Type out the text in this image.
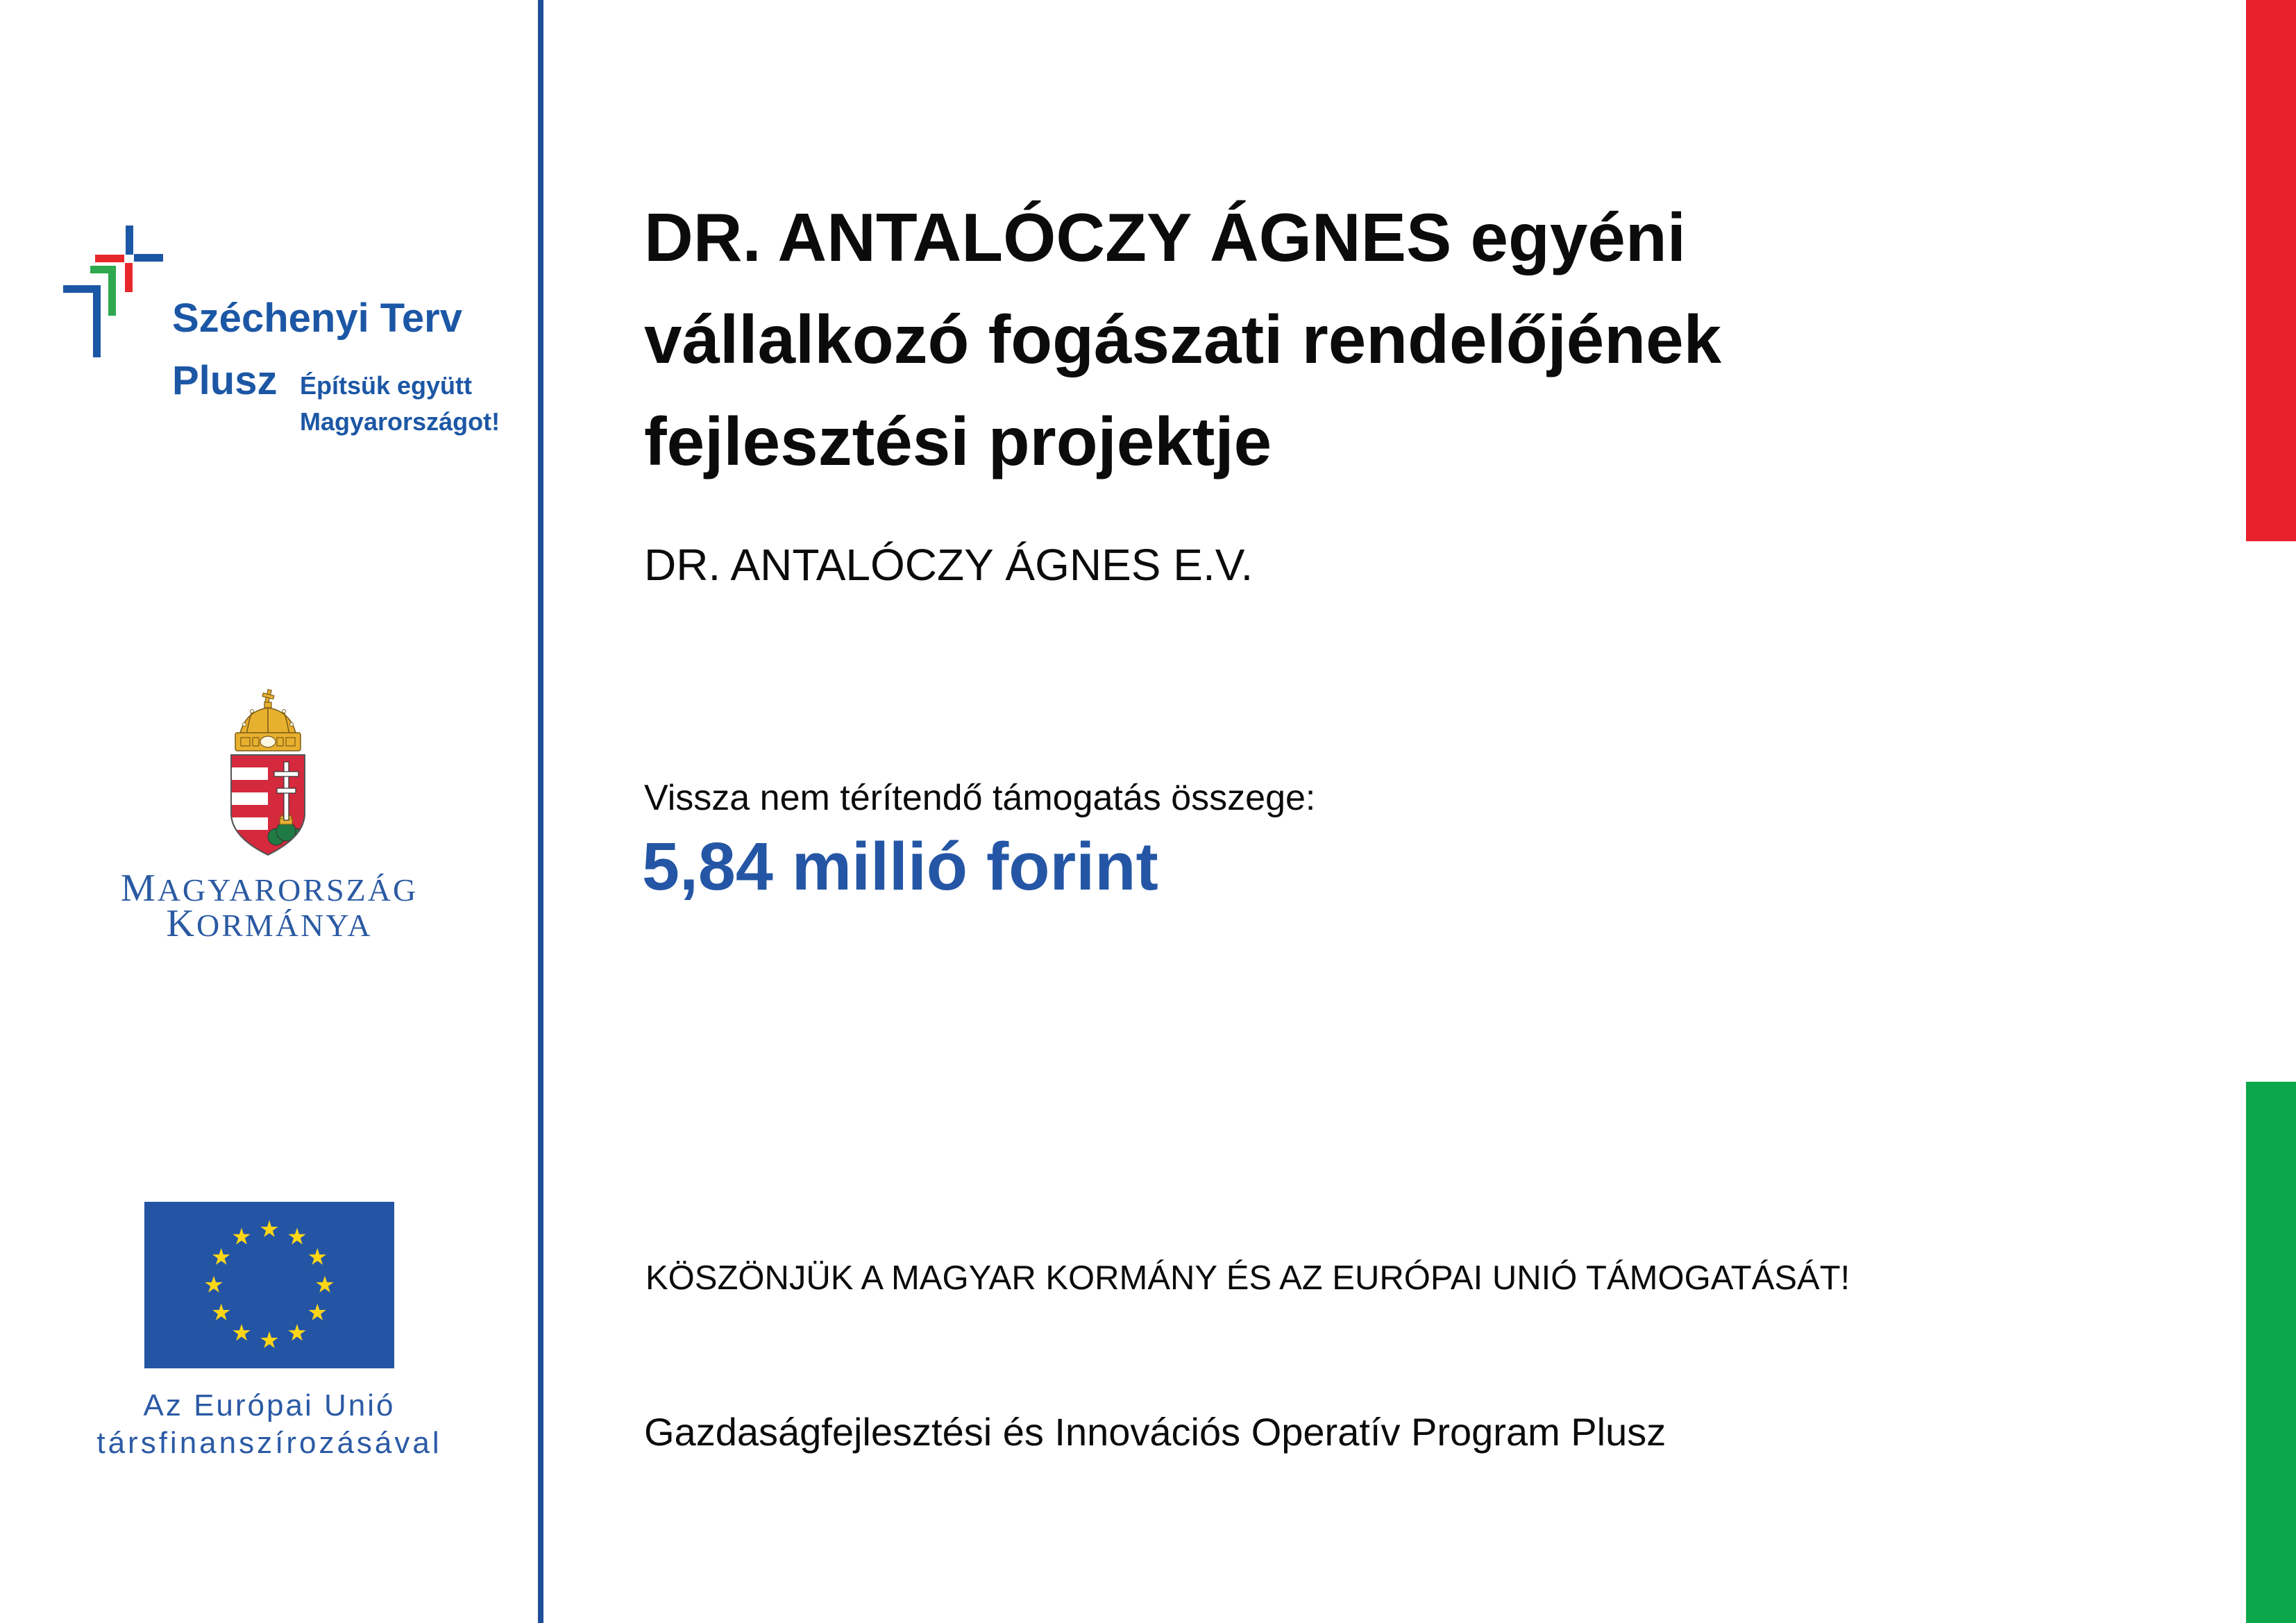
Széchenyi Terv
Plusz Építsük együtt
Magyarországot!
MAGYARORSZÁG
KORMÁNYA
Az Európai Unió
társfinanszírozásával
DR. ANTALÓCZY ÁGNES egyéni
vállalkozó fogászati rendelőjének
fejlesztési projektje
DR. ANTALÓCZY ÁGNES E.V.
Vissza nem térítendő támogatás összege:
5,84 millió forint
KÖSZÖNJÜK A MAGYAR KORMÁNY ÉS AZ EURÓPAI UNIÓ TÁMOGATÁSÁT!
Gazdaságfejlesztési és Innovációs Operatív Program Plusz
